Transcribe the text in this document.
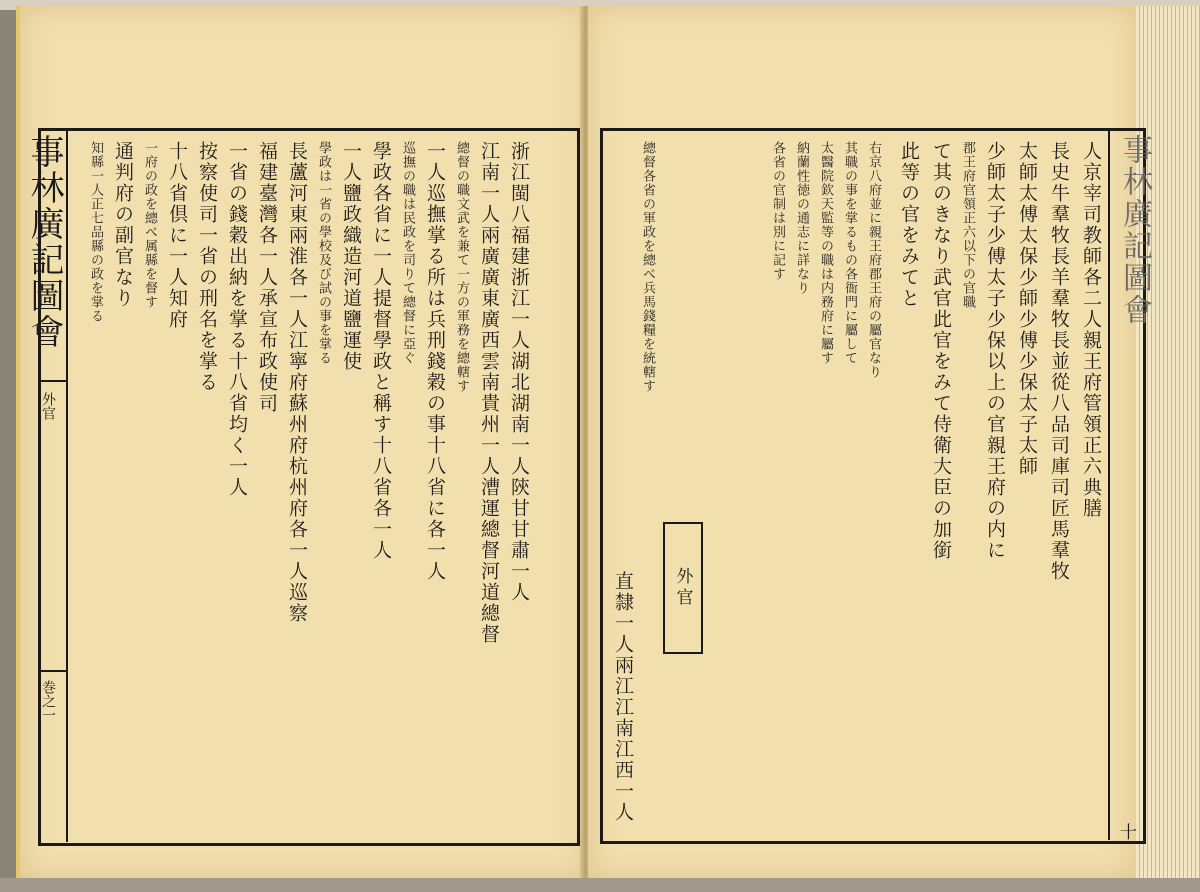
事林廣記圖會
外官
巻之一
浙江閩八福建浙江一人湖北湖南一人陝甘甘肅一人
江南一人兩廣廣東廣西雲南貴州一人漕運總督河道總督
總督の職文武を兼て一方の軍務を總轄す
一人巡撫掌る所は兵刑錢穀の事十八省に各一人
巡撫の職は民政を司りて總督に亞ぐ
學政各省に一人提督學政と稱す十八省各一人
一人鹽政織造河道鹽運使
學政は一省の學校及び試の事を掌る
長蘆河東兩淮各一人江寧府蘇州府杭州府各一人巡察
福建臺灣各一人承宣布政使司
一省の錢穀出納を掌る十八省均く一人
按察使司一省の刑名を掌る
十八省倶に一人知府
一府の政を總べ属縣を督す
通判府の副官なり
知縣一人正七品縣の政を掌る	人京宰司教師各二人親王府管領正六典膳
長史牛羣牧長羊羣牧長並從八品司庫司匠馬羣牧
太師太傅太保少師少傅少保太子太師
少師太子少傅太子少保以上の官親王府の内に
郡王府官領正六以下の官職
て其のきなり武官此官をみて侍衛大臣の加銜
此等の官をみてと
右京八府並に親王府郡王府の屬官なり
其職の事を掌るもの各衙門に屬して
太醫院欽天監等の職は内務府に屬す
納蘭性徳の通志に詳なり
各省の官制は別に記す
總督各省の軍政を總べ兵馬錢糧を統轄す
直隸一人兩江江南江西一人 外官
事林廣記圖會
十
